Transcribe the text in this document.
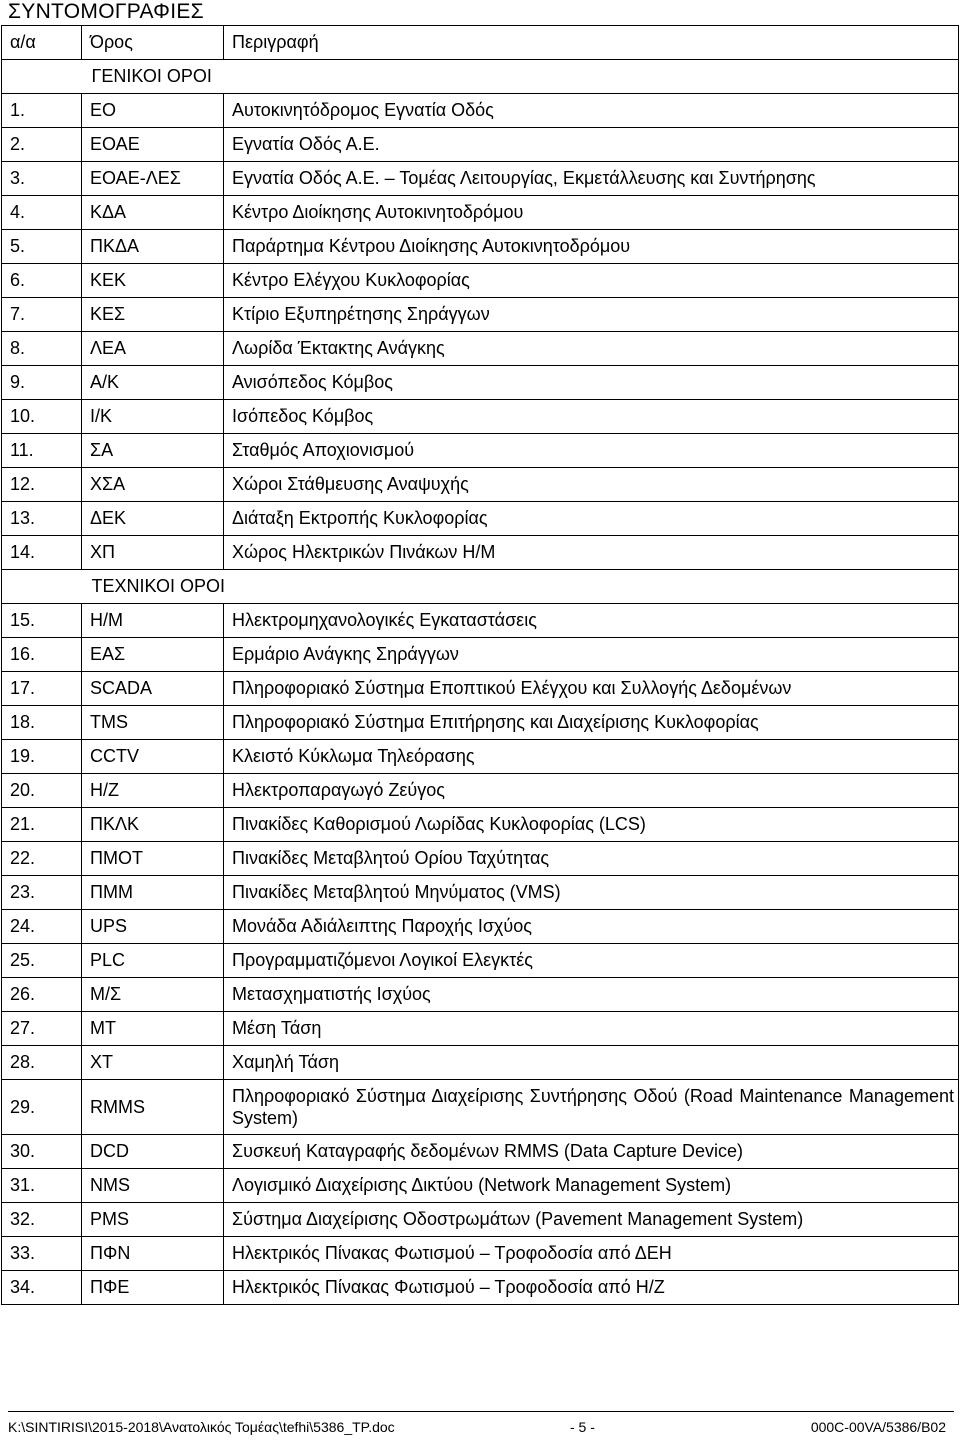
ΣΥΝΤΟΜΟΓΡΑΦΙΕΣ
α/α	Όρος	Περιγραφή
	ΓΕΝΙΚΟΙ ΟΡΟΙ	
1.	ΕΟ	Αυτοκινητόδρομος Εγνατία Οδός
2.	ΕΟΑΕ	Εγνατία Οδός Α.Ε.
3.	ΕΟΑΕ-ΛΕΣ	Εγνατία Οδός Α.Ε. – Τομέας Λειτουργίας, Εκμετάλλευσης και Συντήρησης
4.	ΚΔΑ	Κέντρο Διοίκησης Αυτοκινητοδρόμου
5.	ΠΚΔΑ	Παράρτημα Κέντρου Διοίκησης Αυτοκινητοδρόμου
6.	ΚΕΚ	Κέντρο Ελέγχου Κυκλοφορίας
7.	ΚΕΣ	Κτίριο Εξυπηρέτησης Σηράγγων
8.	ΛΕΑ	Λωρίδα Έκτακτης Ανάγκης
9.	Α/Κ	Ανισόπεδος Κόμβος
10.	Ι/Κ	Ισόπεδος Κόμβος
11.	ΣΑ	Σταθμός Αποχιονισμού
12.	ΧΣΑ	Χώροι Στάθμευσης Αναψυχής
13.	ΔΕΚ	Διάταξη Εκτροπής Κυκλοφορίας
14.	ΧΠ	Χώρος Ηλεκτρικών Πινάκων Η/Μ
	ΤΕΧΝΙΚΟΙ ΟΡΟΙ	
15.	Η/Μ	Ηλεκτρομηχανολογικές Εγκαταστάσεις
16.	ΕΑΣ	Ερμάριο Ανάγκης Σηράγγων
17.	SCADA	Πληροφοριακό Σύστημα Εποπτικού Ελέγχου και Συλλογής Δεδομένων
18.	TMS	Πληροφοριακό Σύστημα Επιτήρησης και Διαχείρισης Κυκλοφορίας
19.	CCTV	Κλειστό Κύκλωμα Τηλεόρασης
20.	Η/Ζ	Ηλεκτροπαραγωγό Ζεύγος
21.	ΠΚΛΚ	Πινακίδες Καθορισμού Λωρίδας Κυκλοφορίας (LCS)
22.	ΠΜΟΤ	Πινακίδες Μεταβλητού Ορίου Ταχύτητας
23.	ΠΜΜ	Πινακίδες Μεταβλητού Μηνύματος (VMS)
24.	UPS	Μονάδα Αδιάλειπτης Παροχής Ισχύος
25.	PLC	Προγραμματιζόμενοι Λογικοί Ελεγκτές
26.	Μ/Σ	Μετασχηματιστής Ισχύος
27.	ΜΤ	Μέση Τάση
28.	ΧΤ	Χαμηλή Τάση
29.	RMMS	Πληροφοριακό Σύστημα Διαχείρισης Συντήρησης Οδού (Road Maintenance Management System)
30.	DCD	Συσκευή Καταγραφής δεδομένων RMMS (Data Capture Device)
31.	NMS	Λογισμικό Διαχείρισης Δικτύου (Network Management System)
32.	PMS	Σύστημα Διαχείρισης Οδοστρωμάτων (Pavement Management System)
33.	ΠΦΝ	Ηλεκτρικός Πίνακας Φωτισμού – Τροφοδοσία από ΔΕΗ
34.	ΠΦΕ	Ηλεκτρικός Πίνακας Φωτισμού – Τροφοδοσία από Η/Ζ
K:\SINTIRISI\2015-2018\Ανατολικός Τομέας\tefhi\5386_TP.doc	- 5 -	000C-00VA/5386/B02
